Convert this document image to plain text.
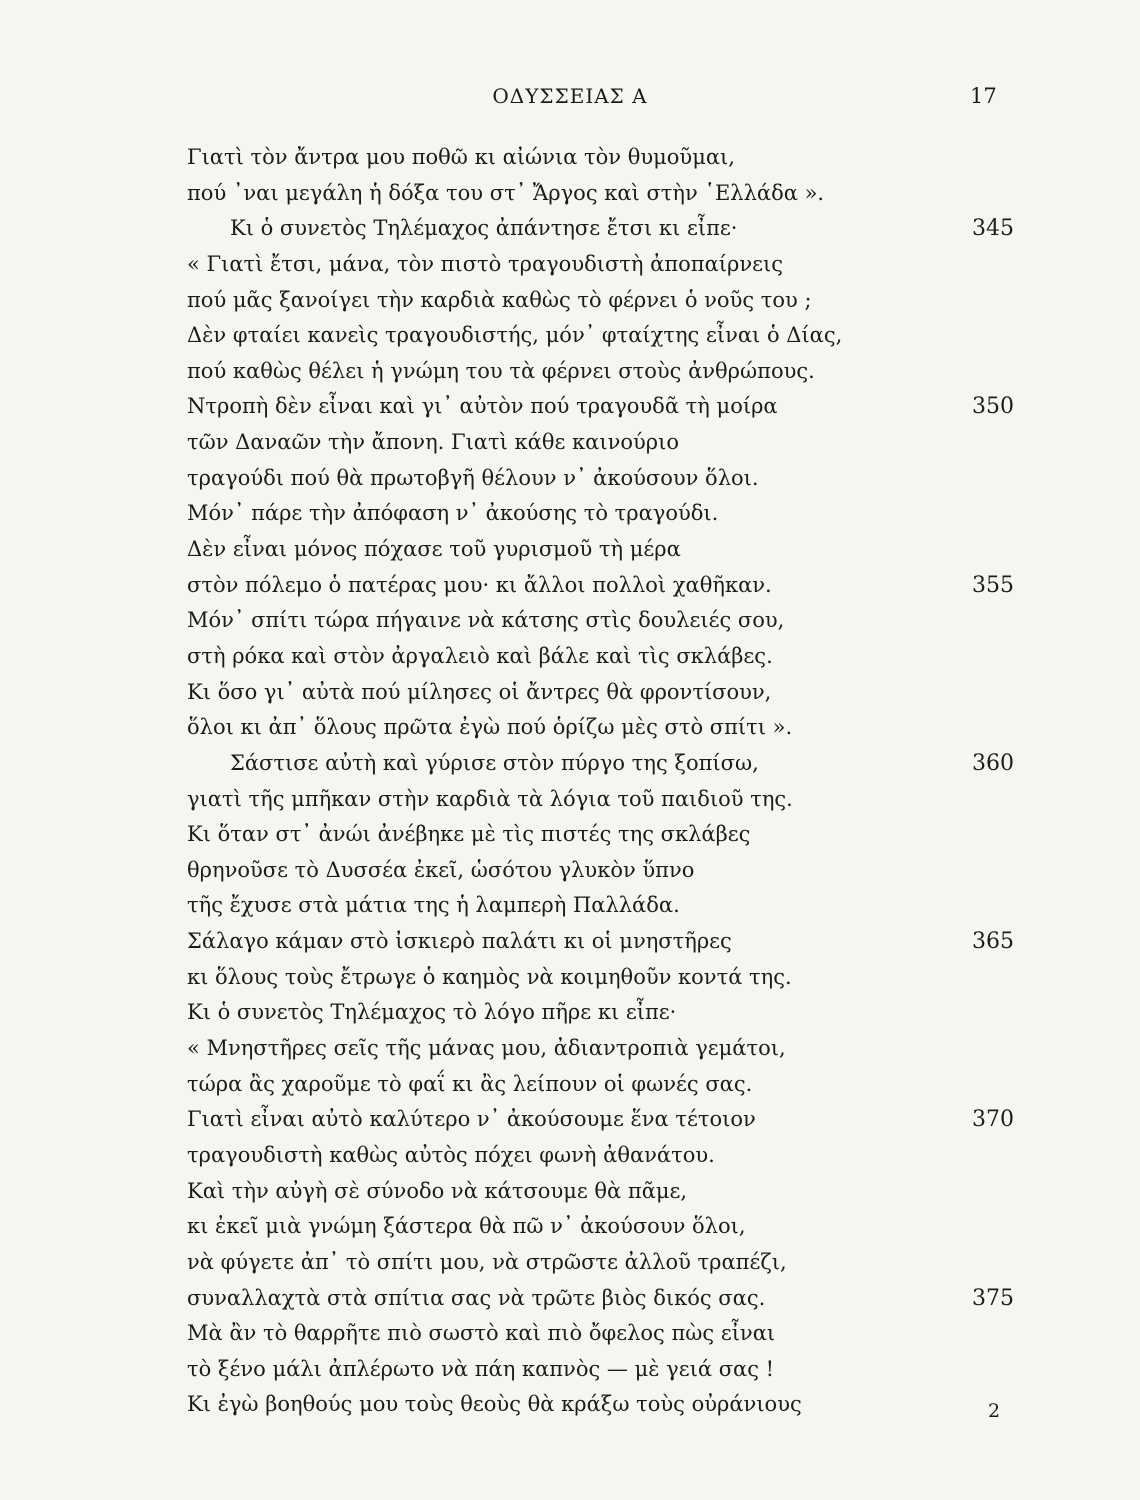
ΟΔΥΣΣΕΙΑΣ Α	17
Γιατὶ τὸν ἄντρα μου ποθῶ κι αἰώνια τὸν θυμοῦμαι,
πού ᾿ναι μεγάλη ἡ δόξα του στ᾿ Ἄργος καὶ στὴν ῾Ελλάδα ».
Κι ὁ συνετὸς Τηλέμαχος ἀπάντησε ἔτσι κι εἶπε·	345
« Γιατὶ ἔτσι, μάνα, τὸν πιστὸ τραγουδιστὴ ἀποπαίρνεις
πού μᾶς ξανοίγει τὴν καρδιὰ καθὼς τὸ φέρνει ὁ νοῦς του ;
Δὲν φταίει κανεὶς τραγουδιστής, μόν᾿ φταίχτης εἶναι ὁ Δίας,
πού καθὼς θέλει ἡ γνώμη του τὰ φέρνει στοὺς ἀνθρώπους.
Ντροπὴ δὲν εἶναι καὶ γι᾿ αὐτὸν πού τραγουδᾶ τὴ μοίρα	350
τῶν Δαναῶν τὴν ἄπονη. Γιατὶ κάθε καινούριο
τραγούδι πού θὰ πρωτοβγῆ θέλουν ν᾿ ἀκούσουν ὅλοι.
Μόν᾿ πάρε τὴν ἀπόφαση ν᾿ ἀκούσης τὸ τραγούδι.
Δὲν εἶναι μόνος πόχασε τοῦ γυρισμοῦ τὴ μέρα
στὸν πόλεμο ὁ πατέρας μου· κι ἄλλοι πολλοὶ χαθῆκαν.	355
Μόν᾿ σπίτι τώρα πήγαινε νὰ κάτσης στὶς δουλειές σου,
στὴ ρόκα καὶ στὸν ἀργαλειὸ καὶ βάλε καὶ τὶς σκλάβες.
Κι ὅσο γι᾿ αὐτὰ πού μίλησες οἱ ἄντρες θὰ φροντίσουν,
ὅλοι κι ἀπ᾿ ὅλους πρῶτα ἐγὼ πού ὁρίζω μὲς στὸ σπίτι ».
Σάστισε αὐτὴ καὶ γύρισε στὸν πύργο της ξοπίσω,	360
γιατὶ τῆς μπῆκαν στὴν καρδιὰ τὰ λόγια τοῦ παιδιοῦ της.
Κι ὅταν στ᾿ ἀνώι ἀνέβηκε μὲ τὶς πιστές της σκλάβες
θρηνοῦσε τὸ Δυσσέα ἐκεῖ, ὡσότου γλυκὸν ὕπνο
τῆς ἔχυσε στὰ μάτια της ἡ λαμπερὴ Παλλάδα.
Σάλαγο κάμαν στὸ ἰσκιερὸ παλάτι κι οἱ μνηστῆρες	365
κι ὅλους τοὺς ἔτρωγε ὁ καημὸς νὰ κοιμηθοῦν κοντά της.
Κι ὁ συνετὸς Τηλέμαχος τὸ λόγο πῆρε κι εἶπε·
« Μνηστῆρες σεῖς τῆς μάνας μου, ἀδιαντροπιὰ γεμάτοι,
τώρα ἂς χαροῦμε τὸ φαΐ κι ἂς λείπουν οἱ φωνές σας.
Γιατὶ εἶναι αὐτὸ καλύτερο ν᾿ ἀκούσουμε ἕνα τέτοιον	370
τραγουδιστὴ καθὼς αὐτὸς πόχει φωνὴ ἀθανάτου.
Καὶ τὴν αὐγὴ σὲ σύνοδο νὰ κάτσουμε θὰ πᾶμε,
κι ἐκεῖ μιὰ γνώμη ξάστερα θὰ πῶ ν᾿ ἀκούσουν ὅλοι,
νὰ φύγετε ἀπ᾿ τὸ σπίτι μου, νὰ στρῶστε ἀλλοῦ τραπέζι,
συναλλαχτὰ στὰ σπίτια σας νὰ τρῶτε βιὸς δικός σας.	375
Μὰ ἂν τὸ θαρρῆτε πιὸ σωστὸ καὶ πιὸ ὄφελος πὼς εἶναι
τὸ ξένο μάλι ἀπλέρωτο νὰ πάη καπνὸς — μὲ γειά σας !
Κι ἐγὼ βοηθούς μου τοὺς θεοὺς θὰ κράξω τοὺς οὐράνιους	2
